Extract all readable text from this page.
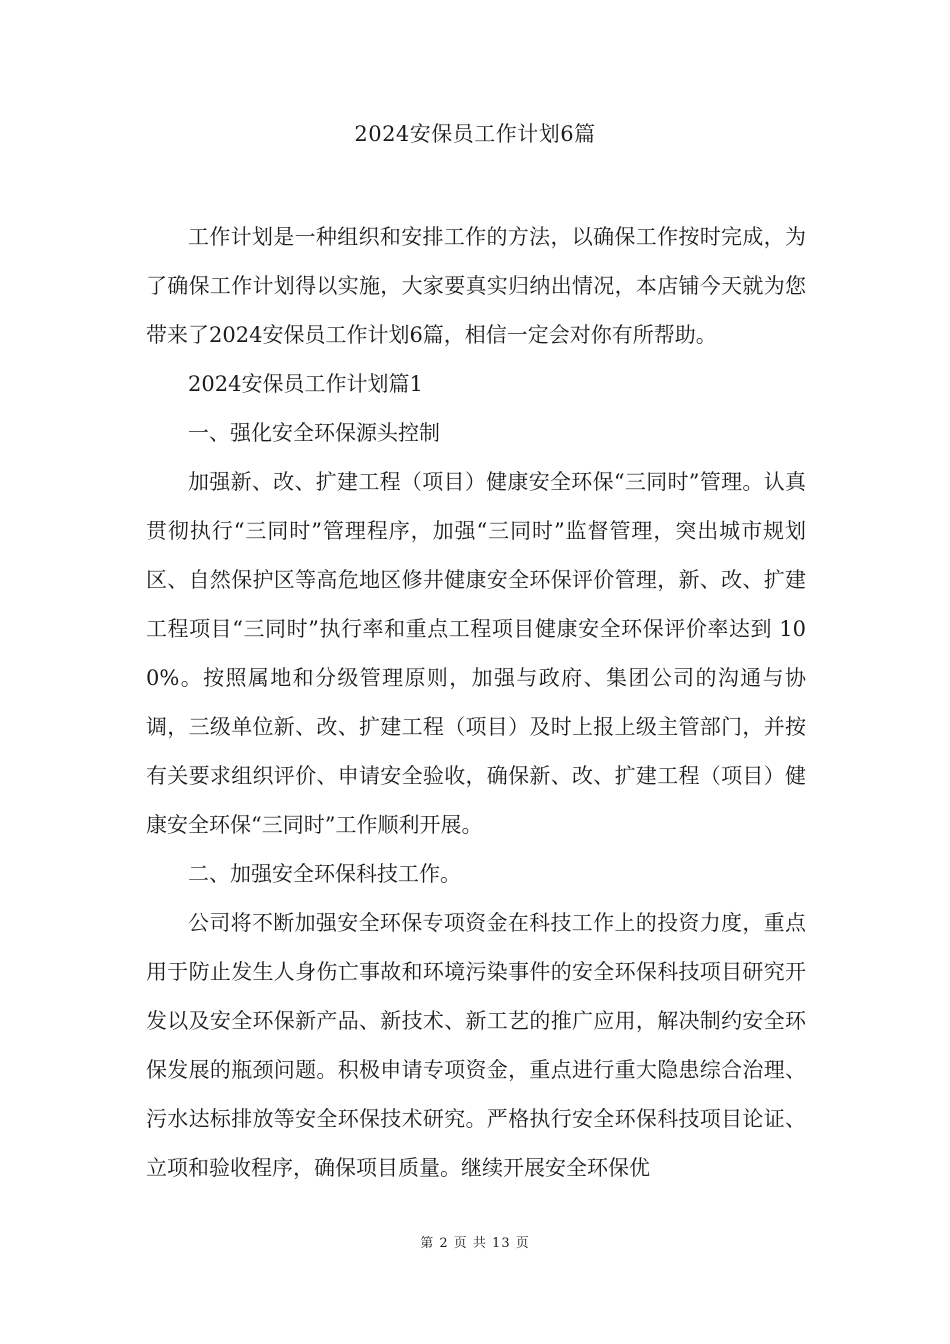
2024安保员工作计划6篇

工作计划是一种组织和安排工作的方法，以确保工作按时完成，为了确保工作计划得以实施，大家要真实归纳出情况，本店铺今天就为您带来了2024安保员工作计划6篇，相信一定会对你有所帮助。

2024安保员工作计划篇1

一、强化安全环保源头控制

加强新、改、扩建工程（项目）健康安全环保“三同时”管理。认真贯彻执行“三同时”管理程序，加强“三同时”监督管理，突出城市规划区、自然保护区等高危地区修井健康安全环保评价管理，新、改、扩建工程项目“三同时”执行率和重点工程项目健康安全环保评价率达到 100%。按照属地和分级管理原则，加强与政府、集团公司的沟通与协调，三级单位新、改、扩建工程（项目）及时上报上级主管部门，并按有关要求组织评价、申请安全验收，确保新、改、扩建工程（项目）健康安全环保“三同时”工作顺利开展。

二、加强安全环保科技工作。

公司将不断加强安全环保专项资金在科技工作上的投资力度，重点用于防止发生人身伤亡事故和环境污染事件的安全环保科技项目研究开发以及安全环保新产品、新技术、新工艺的推广应用，解决制约安全环保发展的瓶颈问题。积极申请专项资金，重点进行重大隐患综合治理、污水达标排放等安全环保技术研究。严格执行安全环保科技项目论证、立项和验收程序，确保项目质量。继续开展安全环保优

第 2 页 共 13 页
